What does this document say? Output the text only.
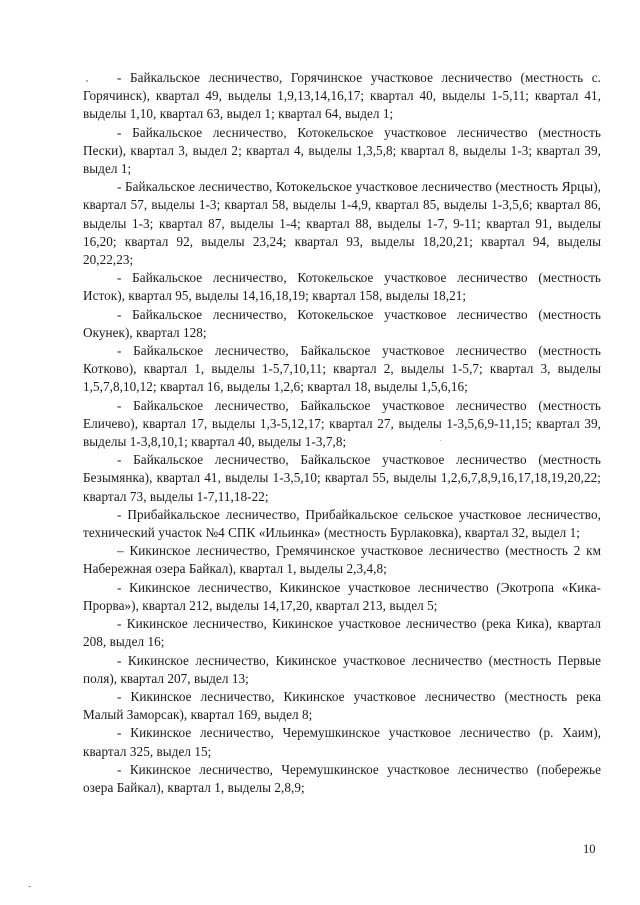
- Байкальское лесничество, Горячинское участковое лесничество (местность с. Горячинск), квартал 49, выделы 1,9,13,14,16,17; квартал 40, выделы 1-5,11; квартал 41, выделы 1,10, квартал 63, выдел 1; квартал 64, выдел 1;

- Байкальское лесничество, Котокельское участковое лесничество (местность Пески), квартал 3, выдел 2; квартал 4, выделы 1,3,5,8; квартал 8, выделы 1-3; квартал 39, выдел 1;

- Байкальское лесничество, Котокельское участковое лесничество (местность Ярцы), квартал 57, выделы 1-3; квартал 58, выделы 1-4,9, квартал 85, выделы 1-3,5,6; квартал 86, выделы 1-3; квартал 87, выделы 1-4; квартал 88, выделы 1-7, 9-11; квартал 91, выделы 16,20; квартал 92, выделы 23,24; квартал 93, выделы 18,20,21; квартал 94, выделы 20,22,23;

- Байкальское лесничество, Котокельское участковое лесничество (местность Исток), квартал 95, выделы 14,16,18,19; квартал 158, выделы 18,21;

- Байкальское лесничество, Котокельское участковое лесничество (местность Окунек), квартал 128;

- Байкальское лесничество, Байкальское участковое лесничество (местность Котково), квартал 1, выделы 1-5,7,10,11; квартал 2, выделы 1-5,7; квартал 3, выделы 1,5,7,8,10,12; квартал 16, выделы 1,2,6; квартал 18, выделы 1,5,6,16;

- Байкальское лесничество, Байкальское участковое лесничество (местность Еличево), квартал 17, выделы 1,3-5,12,17; квартал 27, выделы 1-3,5,6,9-11,15; квартал 39, выделы 1-3,8,10,1; квартал 40, выделы 1-3,7,8;

- Байкальское лесничество, Байкальское участковое лесничество (местность Безымянка), квартал 41, выделы 1-3,5,10; квартал 55, выделы 1,2,6,7,8,9,16,17,18,19,20,22; квартал 73, выделы 1-7,11,18-22;

- Прибайкальское лесничество, Прибайкальское сельское участковое лесничество, технический участок №4 СПК «Ильинка» (местность Бурлаковка), квартал 32, выдел 1;

– Кикинское лесничество, Гремячинское участковое лесничество (местность 2 км Набережная озера Байкал), квартал 1, выделы 2,3,4,8;

- Кикинское лесничество, Кикинское участковое лесничество (Экотропа «Кика-Прорва»), квартал 212, выделы 14,17,20, квартал 213, выдел 5;

- Кикинское лесничество, Кикинское участковое лесничество (река Кика), квартал 208, выдел 16;

- Кикинское лесничество, Кикинское участковое лесничество (местность Первые поля), квартал 207, выдел 13;

- Кикинское лесничество, Кикинское участковое лесничество (местность река Малый Заморсак), квартал 169, выдел 8;

- Кикинское лесничество, Черемушкинское участковое лесничество (р. Хаим), квартал 325, выдел 15;

- Кикинское лесничество, Черемушкинское участковое лесничество (побережье озера Байкал), квартал 1, выделы 2,8,9;

10
